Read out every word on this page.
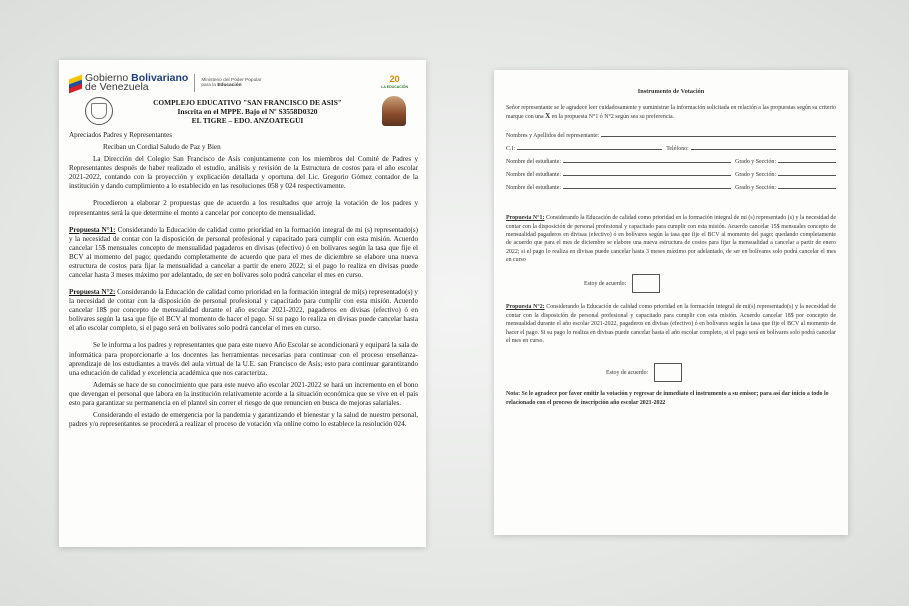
Gobierno Bolivariano
de Venezuela
Ministerio del Poder Popular
para la Educación
20
LA EDUCACIÓN
COMPLEJO EDUCATIVO "SAN FRANCISCO DE ASIS"
Inscrita en el MPPE. Bajo el Nº S3558D0320
EL TIGRE – EDO. ANZOATEGUI
Apreciados Padres y Representantes
Reciban un Cordial Saludo de Paz y Bien

La Dirección del Colegio San Francisco de Asís conjuntamente con los miembros del Comité de Padres y Representantes después de haber realizado el estudio, análisis y revisión de la Estructura de costos para el año escolar 2021-2022, contando con la proyección y explicación detallada y oportuna del Lic. Gregorio Gómez contador de la institución y dando cumplimiento a lo establecido en las resoluciones 058 y 024 respectivamente.

Procedieron a elaborar 2 propuestas que de acuerdo a los resultados que arroje la votación de los padres y representantes será la que determine el monto a cancelar por concepto de mensualidad.

Propuesta N°1: Considerando la Educación de calidad como prioridad en la formación integral de mi (s) representado(s) y la necesidad de contar con la disposición de personal profesional y capacitado para cumplir con esta misión. Acuerdo cancelar 15$ mensuales concepto de mensualidad pagaderos en divisas (efectivo) ó en bolívares según la tasa que fije el BCV al momento del pago; quedando completamente de acuerdo que para el mes de diciembre se elabore una nueva estructura de costos para fijar la mensualidad a cancelar a partir de enero 2022; si el pago lo realiza en divisas puede cancelar hasta 3 meses máximo por adelantado, de ser en bolívares solo podrá cancelar el mes en curso.

Propuesta N°2: Considerando la Educación de calidad como prioridad en la formación integral de mi(s) representado(s) y la necesidad de contar con la disposición de personal profesional y capacitado para cumplir con esta misión. Acuerdo cancelar 18$ por concepto de mensualidad durante el año escolar 2021-2022, pagaderos en divisas (efectivo) ó en bolívares según la tasa que fije el BCV al momento de hacer el pago. Si su pago lo realiza en divisas puede cancelar hasta el año escolar completo, si el pago será en bolívares solo podrá cancelar el mes en curso.

Se le informa a los padres y representantes que para este nuevo Año Escolar se acondicionará y equipará la sala de informática para proporcionarle a los docentes las herramientas necesarias para continuar con el proceso enseñanza-aprendizaje de los estudiantes a través del aula virtual de la U.E. san Francisco de Asís; esto para continuar garantizando una educación de calidad y excelencia académica que nos caracteriza.

Además se hace de su conocimiento que para este nuevo año escolar 2021-2022 se hará un incremento en el bono que devengan el personal que labora en la institución relativamente acorde a la situación económica que se vive en el país esto para garantizar su permanencia en el plantel sin correr el riesgo de que renuncien en busca de mejoras salariales.

Considerando el estado de emergencia por la pandemia y garantizando el bienestar y la salud de nuestro personal, padres y/o representantes se procederá a realizar el proceso de votación vía online como lo establece la resolución 024.

Instrumento de Votación
Señor representante se le agradece leer cuidadosamente y suministrar la información solicitada en relación a las propuestas según su criterio marque con una X en la propuesta N°1 ó N°2 según sea su preferencia.
Nombres y Apellidos del representante:
C.I:	Teléfono:
Nombre del estudiante:	Grado y Sección:
Nombre del estudiante:	Grado y Sección:
Nombre del estudiante:	Grado y Sección:

Propuesta N°1: Considerando la Educación de calidad como prioridad en la formación integral de mi (s) representado (s) y la necesidad de contar con la disposición de personal profesional y capacitado para cumplir con esta misión. Acuerdo cancelar 15$ mensuales concepto de mensualidad pagaderos en divisas (efectivo) ó en bolívares según la tasa que fije el BCV al momento del pago; quedando completamente de acuerdo que para el mes de diciembre se elabore una nueva estructura de costos para fijar la mensualidad a cancelar a partir de enero 2022; si el pago lo realiza en divisas puede cancelar hasta 3 meses máximo por adelantado, de ser en bolívares solo podrá cancelar el mes en curso

Estoy de acuerdo:

Propuesta N°2: Considerando la Educación de calidad como prioridad en la formación integral de mi(s) representado(s) y la necesidad de contar con la disposición de personal profesional y capacitado para cumplir con esta misión. Acuerdo cancelar 18$ por concepto de mensualidad durante el año escolar 2021-2022, pagaderos en divisas (efectivo) ó en bolívares según la tasa que fije el BCV al momento de hacer el pago. Si su pago lo realiza en divisas puede cancelar hasta el año escolar completo, si el pago será en bolívares solo podrá cancelar el mes en curso.

Estoy de acuerdo:
Nota: Se le agradece por favor emitir la votación y regresar de inmediato el instrumento a su emisor; para así dar inicio a todo lo relacionado con el proceso de inscripción año escolar 2021-2022
